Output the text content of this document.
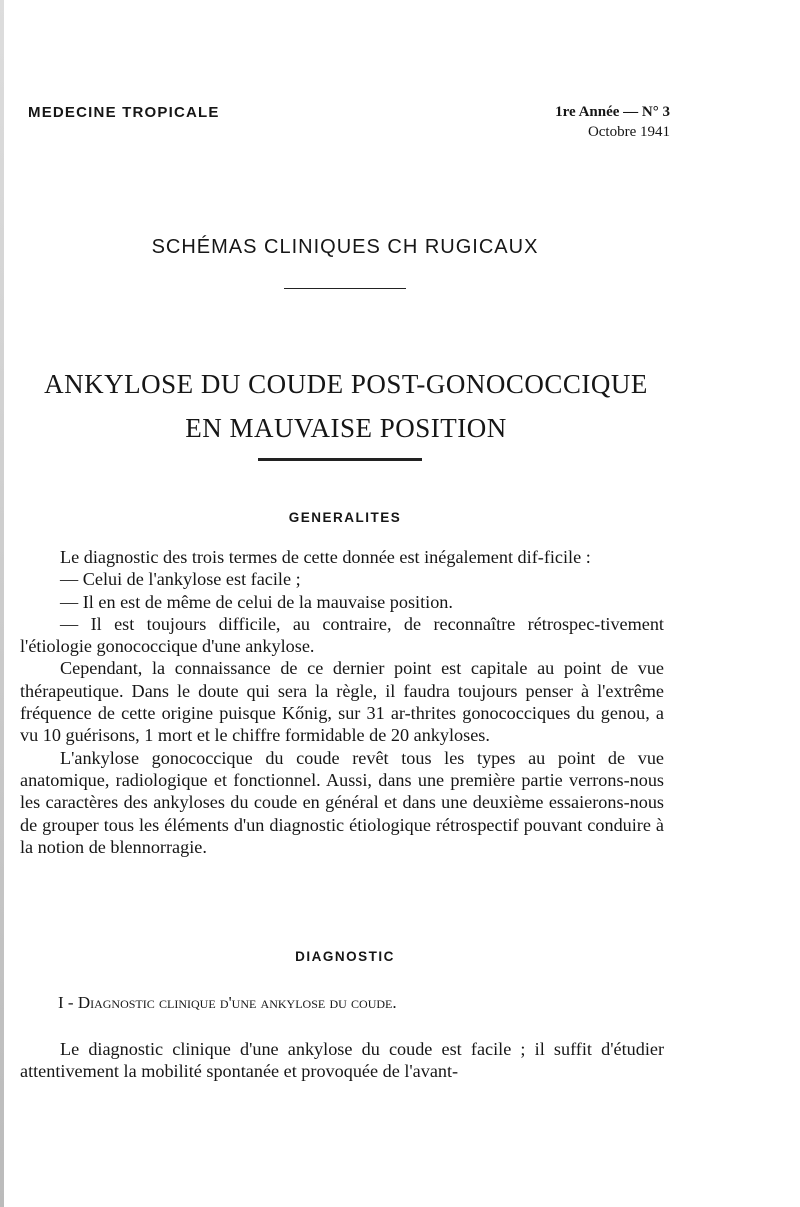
MEDECINE TROPICALE	1re Année — N° 3
Octobre 1941
SCHÉMAS CLINIQUES CH RUGICAUX
ANKYLOSE DU COUDE POST-GONOCOCCIQUE
EN MAUVAISE POSITION
GENERALITES

Le diagnostic des trois termes de cette donnée est inégalement dif-ficile :

— Celui de l'ankylose est facile ;

— Il en est de même de celui de la mauvaise position.

— Il est toujours difficile, au contraire, de reconnaître rétrospec-tivement l'étiologie gonococcique d'une ankylose.

Cependant, la connaissance de ce dernier point est capitale au point de vue thérapeutique. Dans le doute qui sera la règle, il faudra toujours penser à l'extrême fréquence de cette origine puisque Kőnig, sur 31 ar-thrites gonococciques du genou, a vu 10 guérisons, 1 mort et le chiffre formidable de 20 ankyloses.

L'ankylose gonococcique du coude revêt tous les types au point de vue anatomique, radiologique et fonctionnel. Aussi, dans une première partie verrons-nous les caractères des ankyloses du coude en général et dans une deuxième essaierons-nous de grouper tous les éléments d'un diagnostic étiologique rétrospectif pouvant conduire à la notion de blennorragie.

DIAGNOSTIC
I - Diagnostic clinique d'une ankylose du coude.

Le diagnostic clinique d'une ankylose du coude est facile ; il suffit d'étudier attentivement la mobilité spontanée et provoquée de l'avant-
